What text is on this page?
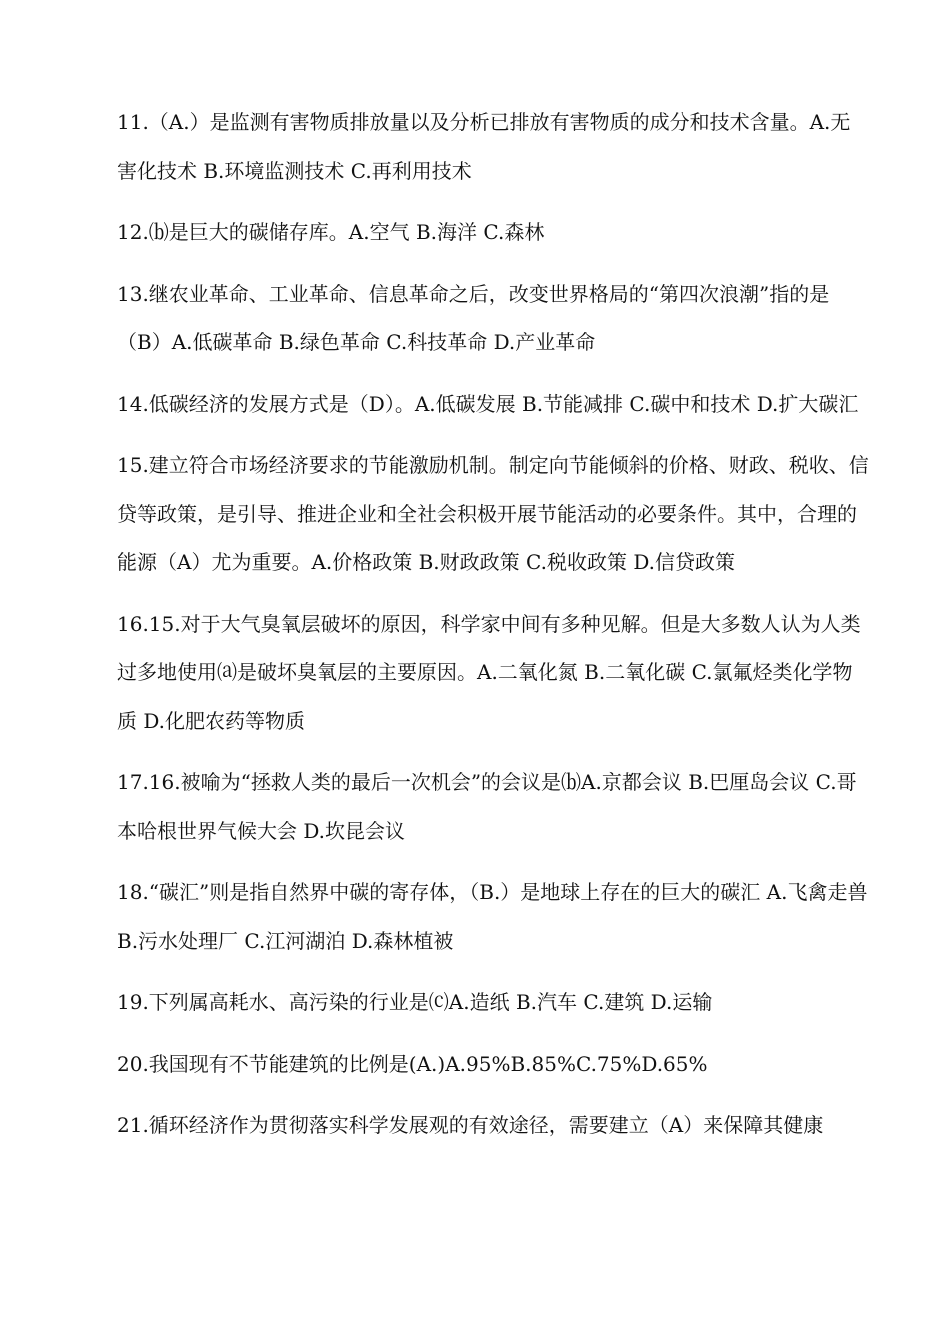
11.（A.）是监测有害物质排放量以及分析已排放有害物质的成分和技术含量。A.无害化技术 B.环境监测技术 C.再利用技术

12.⒝是巨大的碳储存库。A.空气 B.海洋 C.森林

13.继农业革命、工业革命、信息革命之后，改变世界格局的“第四次浪潮”指的是（B）A.低碳革命 B.绿色革命 C.科技革命 D.产业革命

14.低碳经济的发展方式是（D）。A.低碳发展 B.节能减排 C.碳中和技术 D.扩大碳汇

15.建立符合市场经济要求的节能激励机制。制定向节能倾斜的价格、财政、税收、信贷等政策，是引导、推进企业和全社会积极开展节能活动的必要条件。其中，合理的能源（A）尤为重要。A.价格政策 B.财政政策 C.税收政策 D.信贷政策

16.15.对于大气臭氧层破坏的原因，科学家中间有多种见解。但是大多数人认为人类过多地使用⒜是破坏臭氧层的主要原因。A.二氧化氮 B.二氧化碳 C.氯氟烃类化学物质 D.化肥农药等物质

17.16.被喻为“拯救人类的最后一次机会”的会议是⒝A.京都会议 B.巴厘岛会议 C.哥本哈根世界气候大会 D.坎昆会议

18.“碳汇”则是指自然界中碳的寄存体，（B.）是地球上存在的巨大的碳汇 A.飞禽走兽 B.污水处理厂 C.江河湖泊 D.森林植被

19.下列属高耗水、高污染的行业是⒞A.造纸 B.汽车 C.建筑 D.运输

20.我国现有不节能建筑的比例是(A.)A.95%B.85%C.75%D.65%

21.循环经济作为贯彻落实科学发展观的有效途径，需要建立（A）来保障其健康
